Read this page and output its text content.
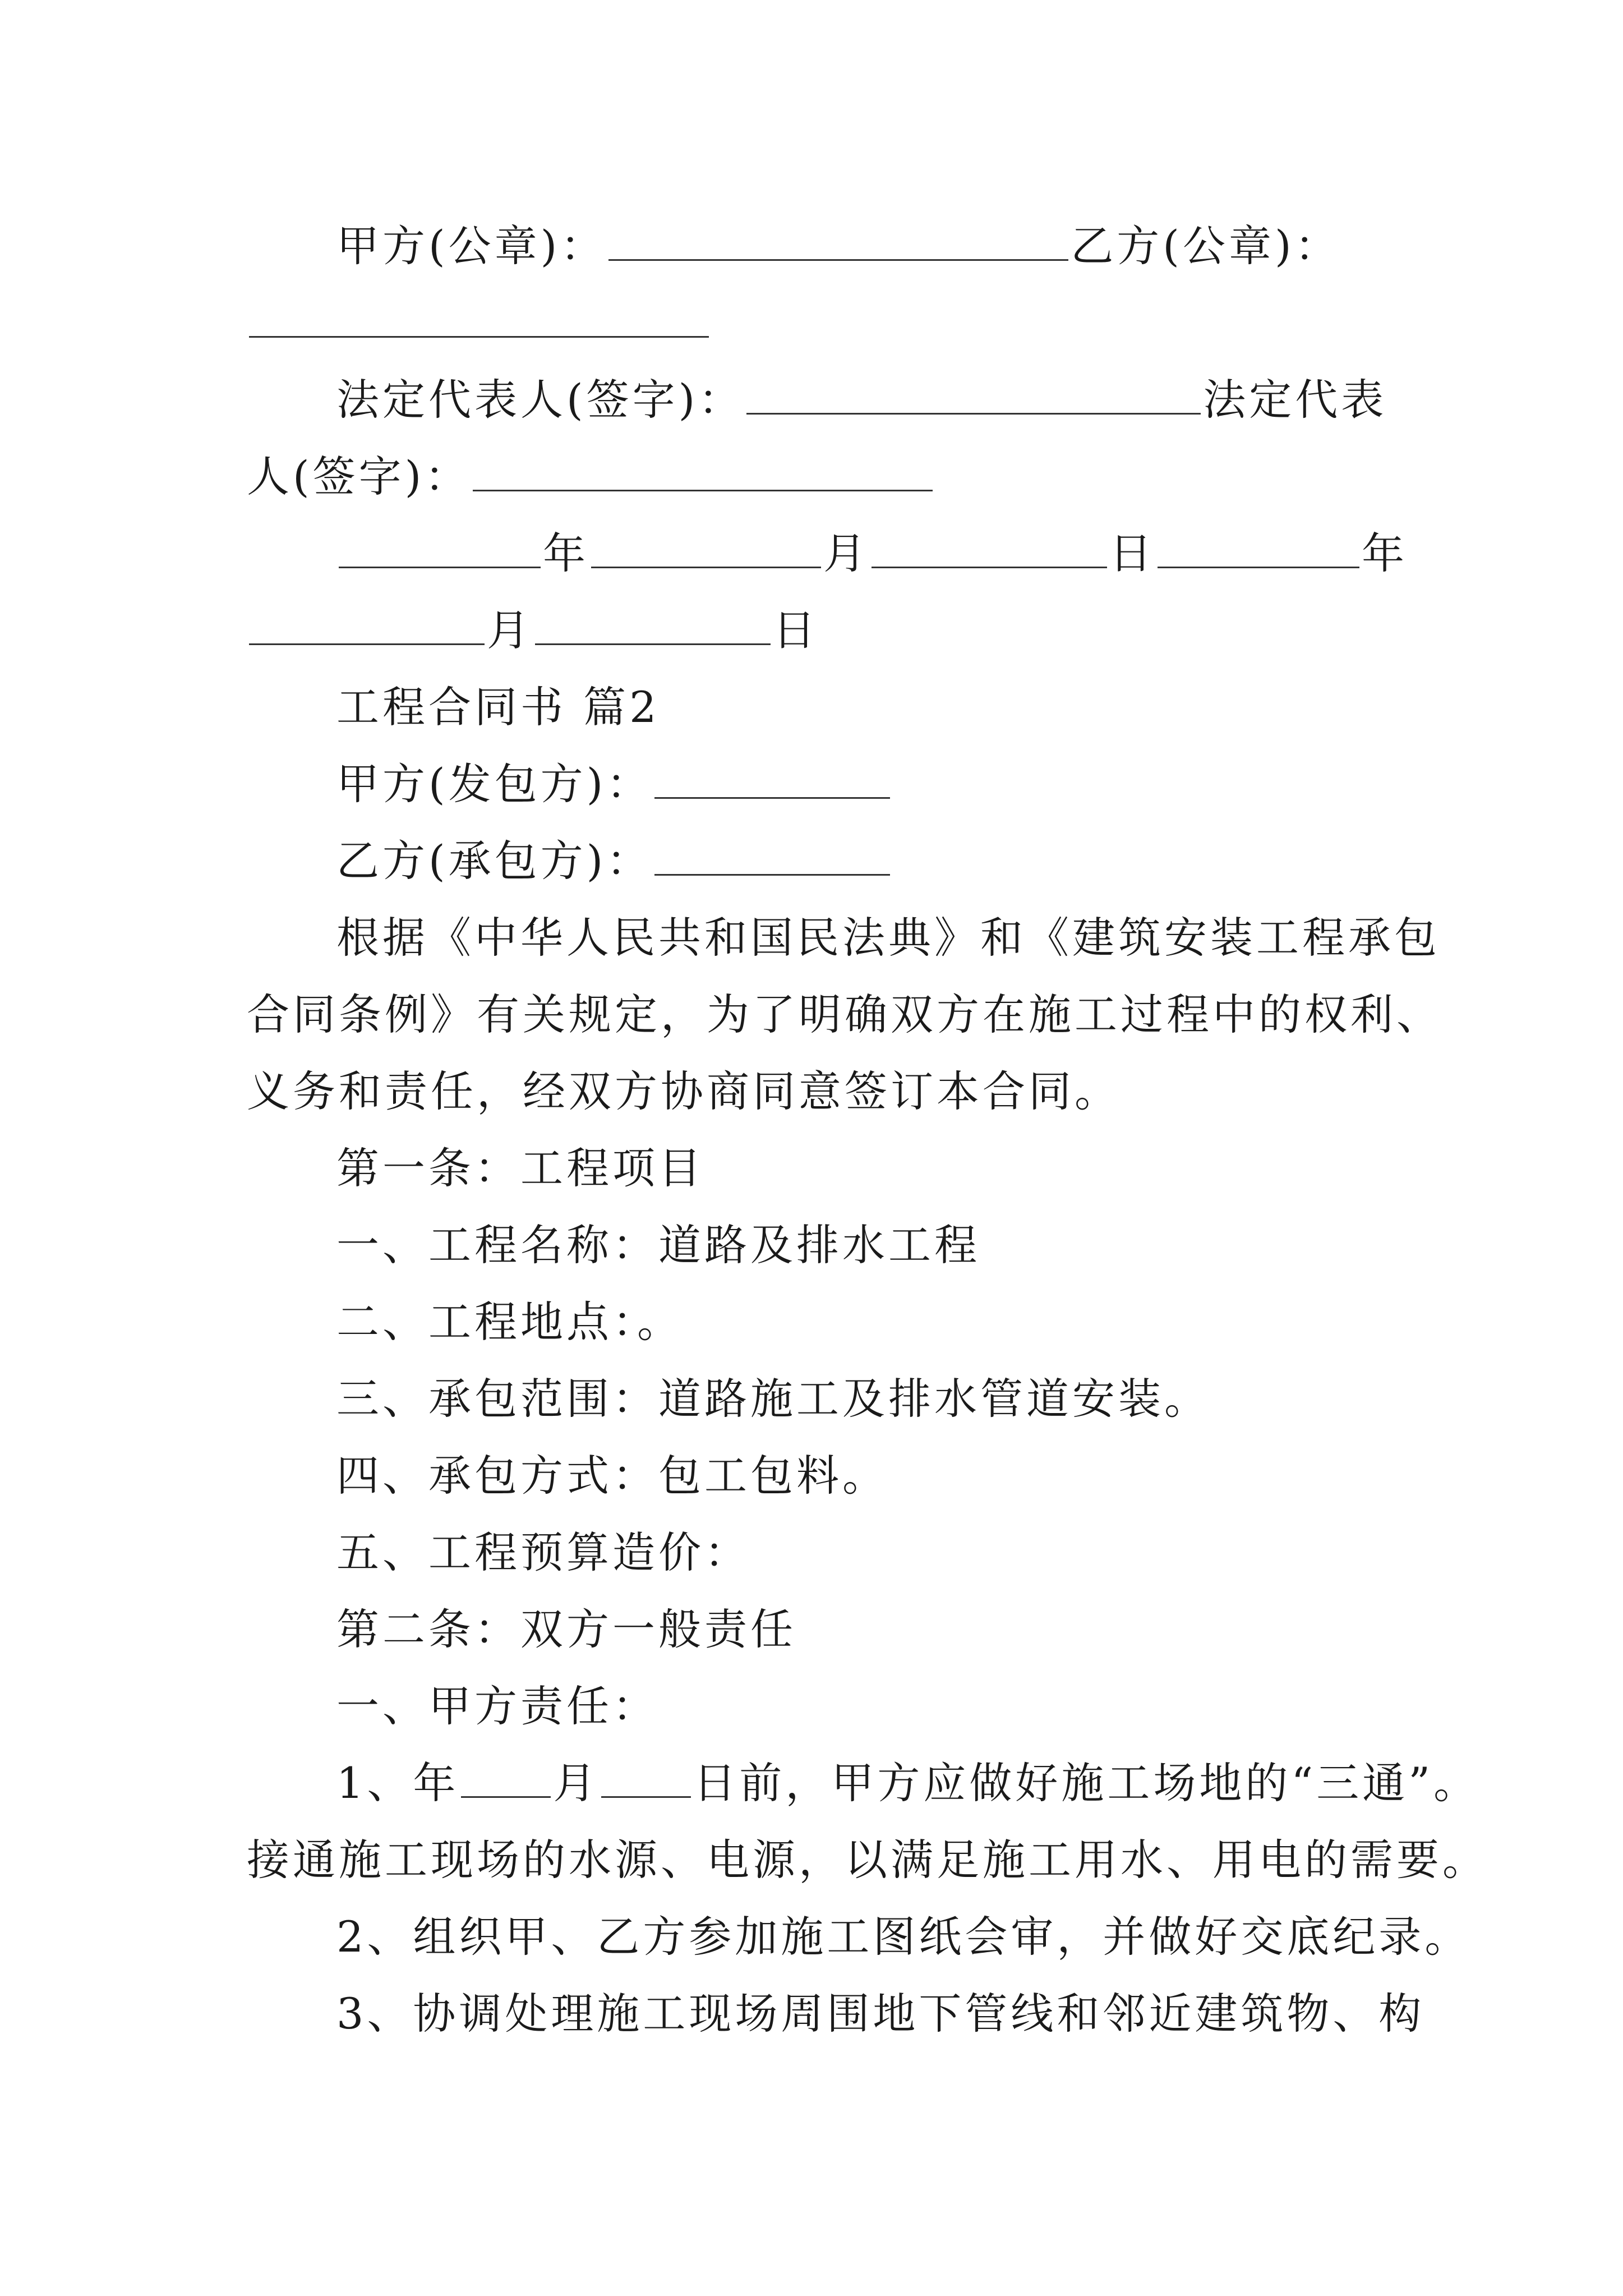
甲方(公章)：	乙方(公章)：
法定代表人(签字)：	法定代表
人(签字)：
年	月	日	年
月	日
工程合同书 篇2
甲方(发包方)：
乙方(承包方)：
根据《中华人民共和国民法典》和《建筑安装工程承包
合同条例》有关规定，为了明确双方在施工过程中的权利、
义务和责任，经双方协商同意签订本合同。
第一条：工程项目
一、工程名称：道路及排水工程
二、工程地点：。
三、承包范围：道路施工及排水管道安装。
四、承包方式：包工包料。
五、工程预算造价：
第二条：双方一般责任
一、甲方责任：
1、年 月 日前，甲方应做好施工场地的“三通”。
接通施工现场的水源、电源，以满足施工用水、用电的需要。
2、组织甲、乙方参加施工图纸会审，并做好交底纪录。
3、协调处理施工现场周围地下管线和邻近建筑物、构
